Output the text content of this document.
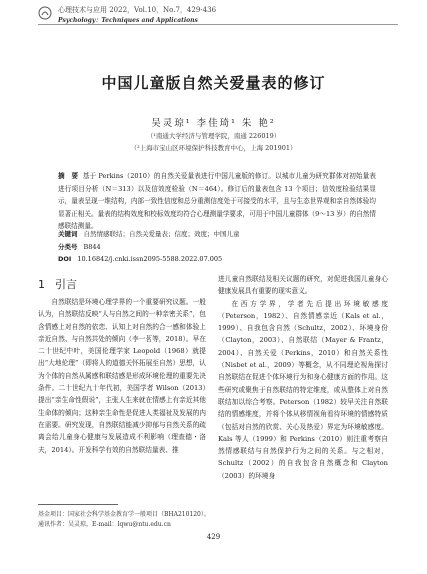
心理技术与应用 2022，Vol.10，No.7，429-436
Psychology：Techniques and Applications
中国儿童版自然关爱量表的修订
吴灵琼¹ 李佳琦¹ 朱 艳²
（¹南通大学经济与管理学院，南通 226019）
（²上海市宝山区环境保护科技教育中心，上海 201901）
摘　要 基于 Perkins（2010）的自然关爱量表进行中国儿童版的修订。以城市儿童为研究群体对初始量表进行项目分析（N＝313）以及信效度检验（N＝464）。修订后的量表包含 13 个项目；信效度检验结果显示，量表呈现一维结构，内部一致性信度和总分重测信度处于可接受的水平，且与生态世界观和亲自然体验均显著正相关。量表的结构效度和校标效度均符合心理测量学要求，可用于中国儿童群体（9～13 岁）的自然情感联结测量。
关键词 自然情感联结；自然关爱量表；信度；效度；中国儿童
分类号 B844
DOI 10.16842/j.cnki.issn2095-5588.2022.07.005
1 引言
自然联结是环境心理学界的一个重要研究议题。一般认为，自然联结反映“人与自然之间的一种亲密关系”，包含情感上对自然的依恋、认知上对自然的合一感和体验上亲近自然、与自然共处的倾向（李一茗等，2018）。早在二十世纪中叶，美国伦理学家 Leopold（1968）就提出“大地伦理”（即将人的道德关怀拓展至自然）思想，认为个体的自然从属感和联结感是形成环境伦理的重要先决条件。二十世纪九十年代初，美国学者 Wilson（2013）提出“亲生命性假说”，主张人生来就在情感上有亲近其他生命体的倾向；这种亲生命性是促进人类福祉及发展的内在需要。研究发现，自然联结能减少抑郁与自然关系的疏离会给儿童身心健康与发展造成不利影响（理查德・洛夫，2014）。开发科学有效的自然联结量表、推
进儿童自然联结及相关议题的研究，对促进我国儿童身心健康发展具有重要的现实意义。
在西方学界，学者先后提出环境敏感度（Peterson，1982）、自然情感亲近（Kals et al.，1999）、自我包含自然（Schultz，2002）、环境身份（Clayton，2003）、自然联结（Mayer & Frantz，2004）、自然关爱（Perkins，2010）和自然关系性（Nisbet et al.，2009）等概念，从不同理论视角探讨自然联结在促进个体环境行为和身心健康方面的作用。这些研究或聚焦于自然联结的特定维度，或从整体上对自然联结加以综合考察。Peterson（1982）较早关注自然联结的情感维度，并将个体从移情视角看待环境的情感特质（包括对自然的欣赏、关心及热爱）界定为环境敏感度。Kals 等人（1999）和 Perkins（2010）则注重考察自然情感联结与自然保护行为之间的关系。与之相对，Schultz（2002）的自我包含自然概念和 Clayton（2003）的环境身
基金项目：国家社会科学基金教育学一般项目（BHA210120）。
通讯作者：吴灵琼，E-mail：lqwu@ntu.edu.cn
429
